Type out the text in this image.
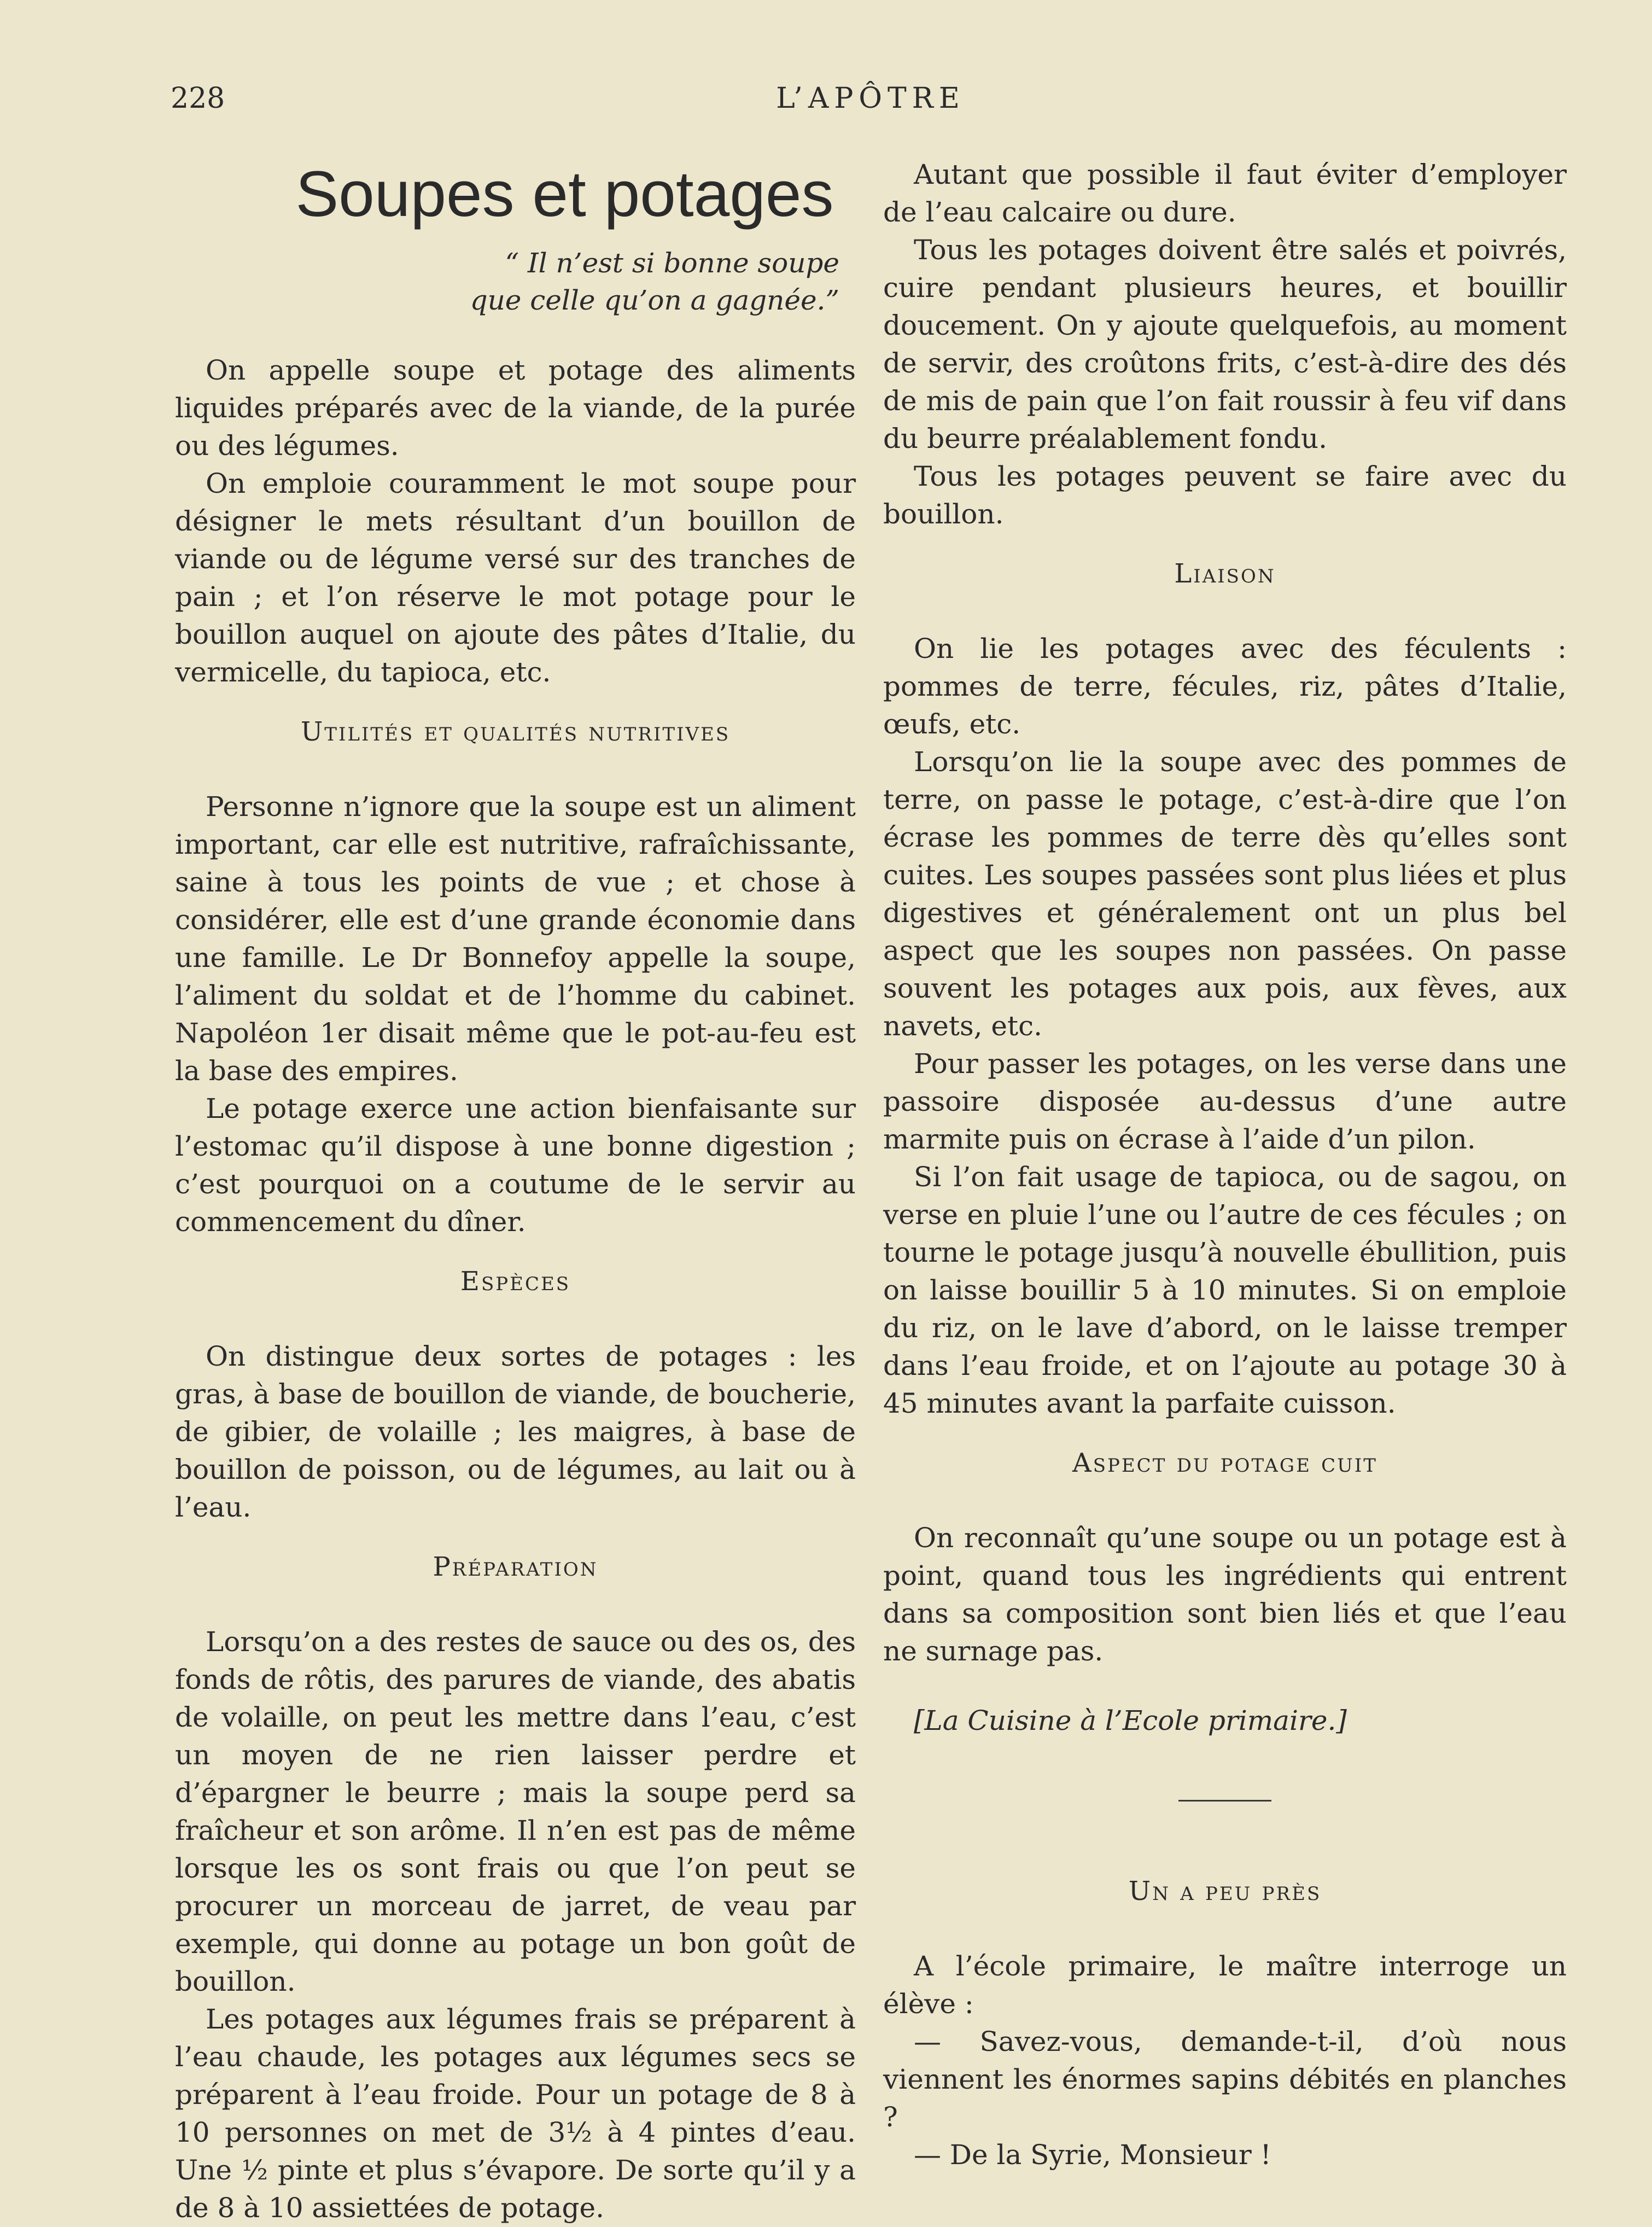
228	L’APÔTRE
Soupes et potages
“ Il n’est si bonne soupe
que celle qu’on a gagnée.”

On appelle soupe et potage des aliments liquides préparés avec de la viande, de la purée ou des légumes.

On emploie couramment le mot soupe pour désigner le mets résultant d’un bouillon de viande ou de légume versé sur des tranches de pain ; et l’on réserve le mot potage pour le bouillon auquel on ajoute des pâtes d’Italie, du vermicelle, du tapioca, etc.

Utilités et qualités nutritives

Personne n’ignore que la soupe est un aliment important, car elle est nutritive, rafraîchissante, saine à tous les points de vue ; et chose à considérer, elle est d’une grande économie dans une famille. Le Dr Bonnefoy appelle la soupe, l’aliment du soldat et de l’homme du cabinet. Napoléon 1er disait même que le pot-au-feu est la base des empires.

Le potage exerce une action bienfaisante sur l’estomac qu’il dispose à une bonne digestion ; c’est pourquoi on a coutume de le servir au commencement du dîner.

Espèces

On distingue deux sortes de potages : les gras, à base de bouillon de viande, de boucherie, de gibier, de volaille ; les maigres, à base de bouillon de poisson, ou de légumes, au lait ou à l’eau.

Préparation

Lorsqu’on a des restes de sauce ou des os, des fonds de rôtis, des parures de viande, des abatis de volaille, on peut les mettre dans l’eau, c’est un moyen de ne rien laisser perdre et d’épargner le beurre ; mais la soupe perd sa fraîcheur et son arôme. Il n’en est pas de même lorsque les os sont frais ou que l’on peut se procurer un morceau de jarret, de veau par exemple, qui donne au potage un bon goût de bouillon.

Les potages aux légumes frais se préparent à l’eau chaude, les potages aux légumes secs se préparent à l’eau froide. Pour un potage de 8 à 10 personnes on met de 3½ à 4 pintes d’eau. Une ½ pinte et plus s’évapore. De sorte qu’il y a de 8 à 10 assiettées de potage.

Autant que possible il faut éviter d’employer de l’eau calcaire ou dure.

Tous les potages doivent être salés et poivrés, cuire pendant plusieurs heures, et bouillir doucement. On y ajoute quelquefois, au moment de servir, des croûtons frits, c’est-à-dire des dés de mis de pain que l’on fait roussir à feu vif dans du beurre préalablement fondu.

Tous les potages peuvent se faire avec du bouillon.

Liaison

On lie les potages avec des féculents : pommes de terre, fécules, riz, pâtes d’Italie, œufs, etc.

Lorsqu’on lie la soupe avec des pommes de terre, on passe le potage, c’est-à-dire que l’on écrase les pommes de terre dès qu’elles sont cuites. Les soupes passées sont plus liées et plus digestives et généralement ont un plus bel aspect que les soupes non passées. On passe souvent les potages aux pois, aux fèves, aux navets, etc.

Pour passer les potages, on les verse dans une passoire disposée au-dessus d’une autre marmite puis on écrase à l’aide d’un pilon.

Si l’on fait usage de tapioca, ou de sagou, on verse en pluie l’une ou l’autre de ces fécules ; on tourne le potage jusqu’à nouvelle ébullition, puis on laisse bouillir 5 à 10 minutes. Si on emploie du riz, on le lave d’abord, on le laisse tremper dans l’eau froide, et on l’ajoute au potage 30 à 45 minutes avant la parfaite cuisson.

Aspect du potage cuit

On reconnaît qu’une soupe ou un potage est à point, quand tous les ingrédients qui entrent dans sa composition sont bien liés et que l’eau ne surnage pas.

[La Cuisine à l’Ecole primaire.]
Un a peu près

A l’école primaire, le maître interroge un élève :

— Savez-vous, demande-t-il, d’où nous viennent les énormes sapins débités en planches ?

— De la Syrie, Monsieur !
